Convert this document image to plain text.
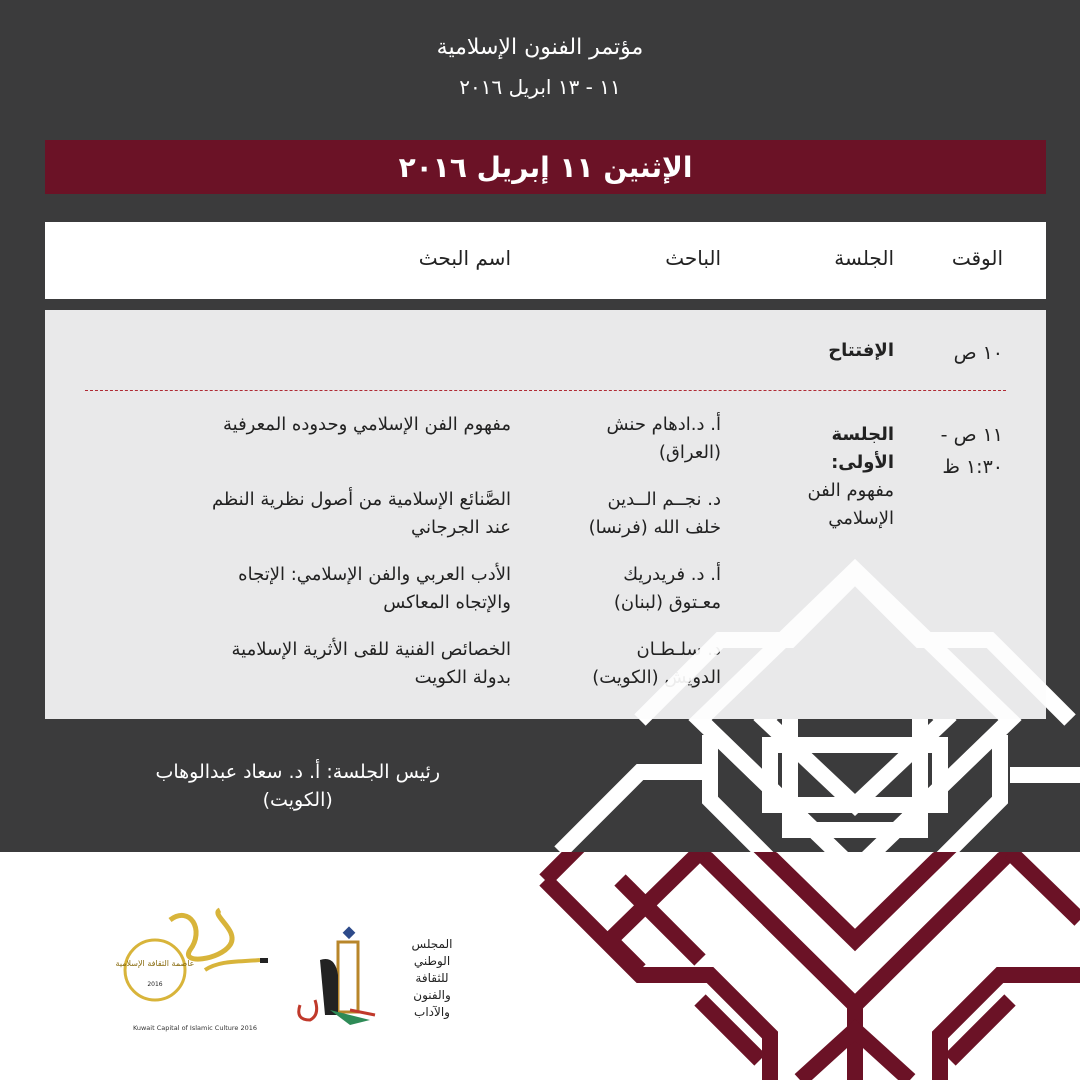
مؤتمر الفنون الإسلامية
١١ - ١٣ ابريل ٢٠١٦
الإثنين ١١ إبريل ٢٠١٦
الوقت
الجلسة
الباحث
اسم البحث
١٠ ص
الإفتتاح
١١ ص -
١:٣٠ ظ
الجلسة
الأولى:
مفهوم الفن
الإسلامي
أ. د.ادهام حنش
(العراق)
مفهوم الفن الإسلامي وحدوده المعرفية
د. نجــم الــدين
خلف الله (فرنسا)
الصَّنائع الإسلامية من أصول نظرية النظم
عند الجرجاني
أ. د. فريدريك
معـتوق (لبنان)
الأدب العربي والفن الإسلامي: الإتجاه
والإتجاه المعاكس
د. سلـطـان
الدويش (الكويت)
الخصائص الفنية للقى الأثرية الإسلامية
بدولة الكويت
رئيس الجلسة: أ. د. سعاد عبدالوهاب
(الكويت)
عاصمة الثقافة الإسلامية
2016
المجلس
الوطني
للثقافة
والفنون
والآداب
Kuwait Capital of Islamic Culture 2016
